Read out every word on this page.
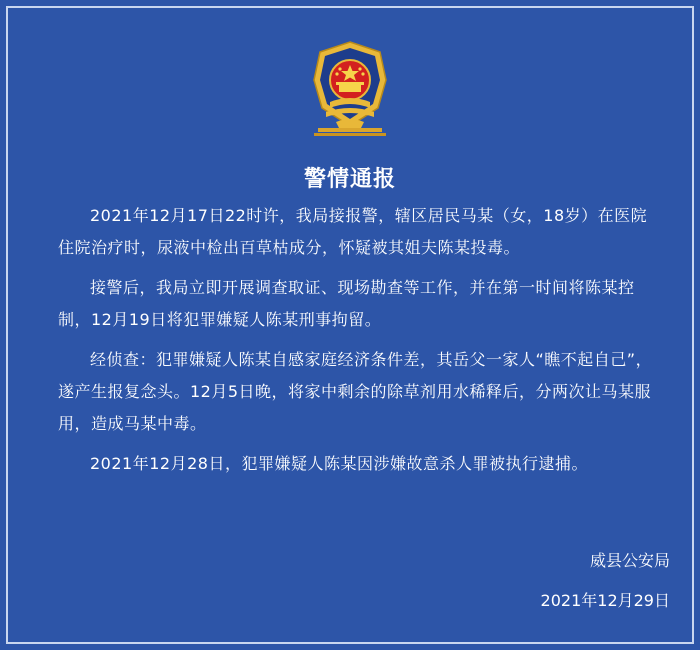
警情通报

2021年12月17日22时许，我局接报警，辖区居民马某（女，18岁）在医院住院治疗时，尿液中检出百草枯成分，怀疑被其姐夫陈某投毒。

接警后，我局立即开展调查取证、现场勘查等工作，并在第一时间将陈某控制，12月19日将犯罪嫌疑人陈某刑事拘留。

经侦查：犯罪嫌疑人陈某自感家庭经济条件差，其岳父一家人“瞧不起自己”，遂产生报复念头。12月5日晚，将家中剩余的除草剂用水稀释后，分两次让马某服用，造成马某中毒。

2021年12月28日，犯罪嫌疑人陈某因涉嫌故意杀人罪被执行逮捕。

威县公安局
2021年12月29日
